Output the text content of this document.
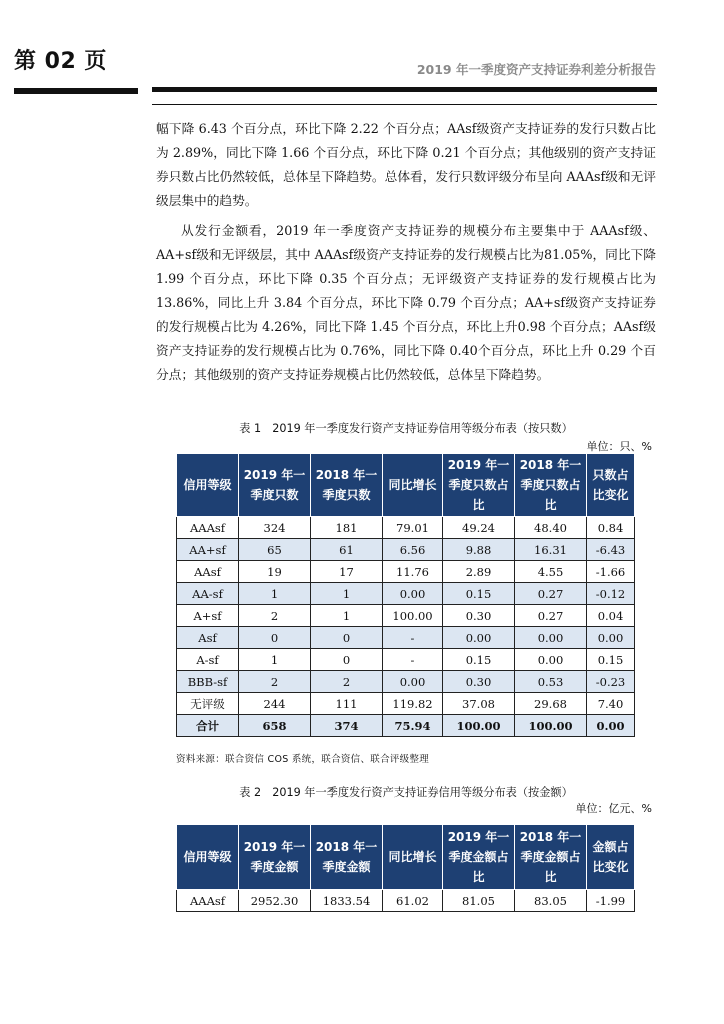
第 02 页	2019 年一季度资产支持证券利差分析报告
幅下降 6.43 个百分点，环比下降 2.22 个百分点；AAsf级资产支持证券的发行只数占比为 2.89%，同比下降 1.66 个百分点，环比下降 0.21 个百分点；其他级别的资产支持证券只数占比仍然较低，总体呈下降趋势。总体看，发行只数评级分布呈向 AAAsf级和无评级层集中的趋势。
从发行金额看，2019 年一季度资产支持证券的规模分布主要集中于 AAAsf级、AA+sf级和无评级层，其中 AAAsf级资产支持证券的发行规模占比为81.05%，同比下降 1.99 个百分点，环比下降 0.35 个百分点；无评级资产支持证券的发行规模占比为 13.86%，同比上升 3.84 个百分点，环比下降 0.79 个百分点；AA+sf级资产支持证券的发行规模占比为 4.26%，同比下降 1.45 个百分点，环比上升0.98 个百分点；AAsf级资产支持证券的发行规模占比为 0.76%，同比下降 0.40个百分点，环比上升 0.29 个百分点；其他级别的资产支持证券规模占比仍然较低，总体呈下降趋势。
表 1　2019 年一季度发行资产支持证券信用等级分布表（按只数）
单位：只、%
信用等级	2019 年一季度只数	2018 年一季度只数	同比增长	2019 年一季度只数占比	2018 年一季度只数占比	只数占比变化
AAAsf	324	181	79.01	49.24	48.40	0.84
AA+sf	65	61	6.56	9.88	16.31	-6.43
AAsf	19	17	11.76	2.89	4.55	-1.66
AA-sf	1	1	0.00	0.15	0.27	-0.12
A+sf	2	1	100.00	0.30	0.27	0.04
Asf	0	0	-	0.00	0.00	0.00
A-sf	1	0	-	0.15	0.00	0.15
BBB-sf	2	2	0.00	0.30	0.53	-0.23
无评级	244	111	119.82	37.08	29.68	7.40
合计	658	374	75.94	100.00	100.00	0.00
资料来源：联合资信 COS 系统，联合资信、联合评级整理
表 2　2019 年一季度发行资产支持证券信用等级分布表（按金额）
单位：亿元、%
信用等级	2019 年一季度金额	2018 年一季度金额	同比增长	2019 年一季度金额占比	2018 年一季度金额占比	金额占比变化
AAAsf	2952.30	1833.54	61.02	81.05	83.05	-1.99
